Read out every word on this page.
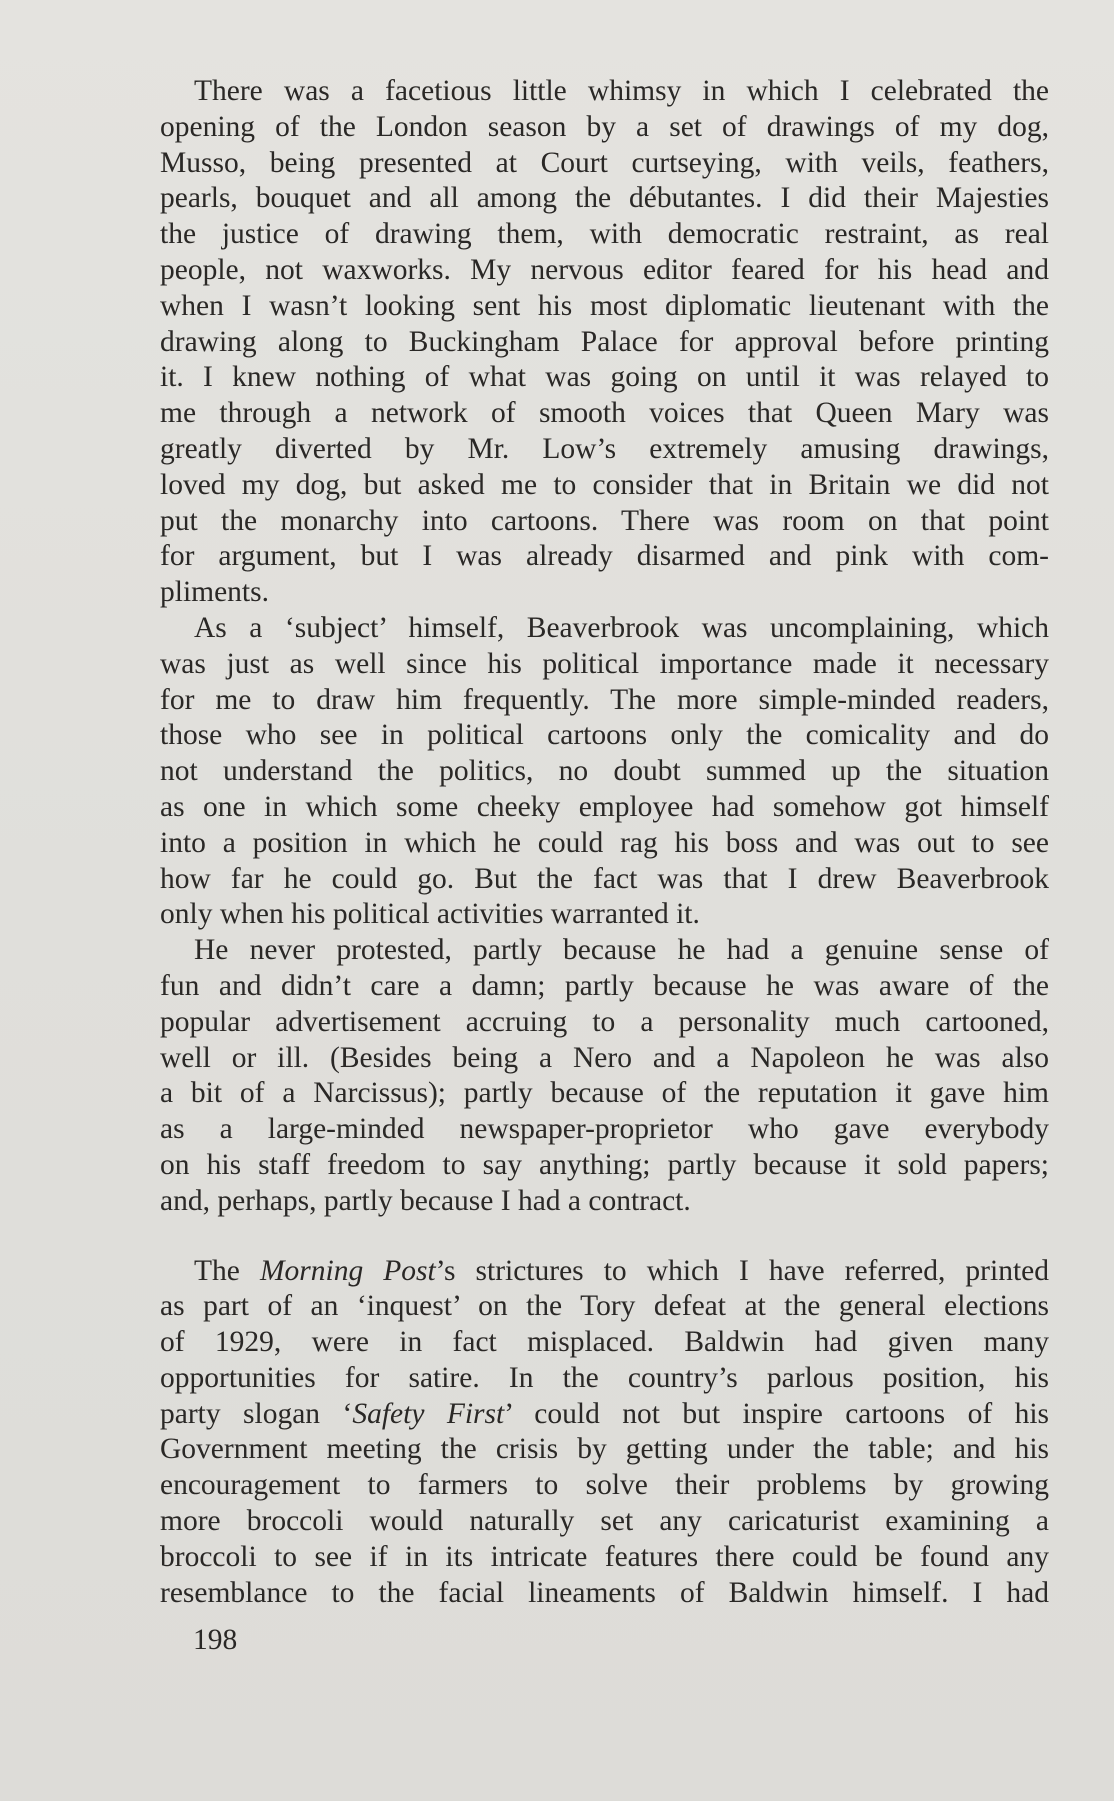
There was a facetious little whimsy in which I celebrated the
opening of the London season by a set of drawings of my dog,
Musso, being presented at Court curtseying, with veils, feathers,
pearls, bouquet and all among the débutantes. I did their Majesties
the justice of drawing them, with democratic restraint, as real
people, not waxworks. My nervous editor feared for his head and
when I wasn’t looking sent his most diplomatic lieutenant with the
drawing along to Buckingham Palace for approval before printing
it. I knew nothing of what was going on until it was relayed to
me through a network of smooth voices that Queen Mary was
greatly diverted by Mr. Low’s extremely amusing drawings,
loved my dog, but asked me to consider that in Britain we did not
put the monarchy into cartoons. There was room on that point
for argument, but I was already disarmed and pink with com-
pliments.
As a ‘subject’ himself, Beaverbrook was uncomplaining, which
was just as well since his political importance made it necessary
for me to draw him frequently. The more simple-minded readers,
those who see in political cartoons only the comicality and do
not understand the politics, no doubt summed up the situation
as one in which some cheeky employee had somehow got himself
into a position in which he could rag his boss and was out to see
how far he could go. But the fact was that I drew Beaverbrook
only when his political activities warranted it.
He never protested, partly because he had a genuine sense of
fun and didn’t care a damn; partly because he was aware of the
popular advertisement accruing to a personality much cartooned,
well or ill. (Besides being a Nero and a Napoleon he was also
a bit of a Narcissus); partly because of the reputation it gave him
as a large-minded newspaper-proprietor who gave everybody
on his staff freedom to say anything; partly because it sold papers;
and, perhaps, partly because I had a contract.
The Morning Post’s strictures to which I have referred, printed
as part of an ‘inquest’ on the Tory defeat at the general elections
of 1929, were in fact misplaced. Baldwin had given many
opportunities for satire. In the country’s parlous position, his
party slogan ‘Safety First’ could not but inspire cartoons of his
Government meeting the crisis by getting under the table; and his
encouragement to farmers to solve their problems by growing
more broccoli would naturally set any caricaturist examining a
broccoli to see if in its intricate features there could be found any
resemblance to the facial lineaments of Baldwin himself. I had
198
